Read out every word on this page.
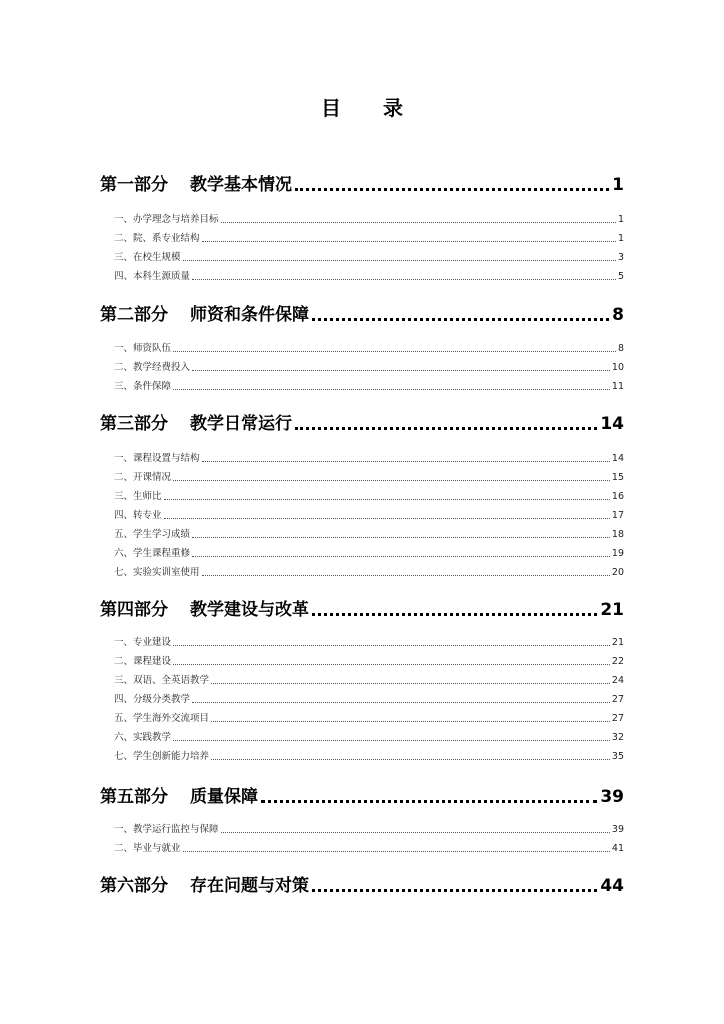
目 录
第一部分 教学基本情况	1
一、办学理念与培养目标	1
二、院、系专业结构	1
三、在校生规模	3
四、本科生源质量	5
第二部分 师资和条件保障	8
一、师资队伍	8
二、教学经费投入	10
三、条件保障	11
第三部分 教学日常运行	14
一、课程设置与结构	14
二、开课情况	15
三、生师比	16
四、转专业	17
五、学生学习成绩	18
六、学生课程重修	19
七、实验实训室使用	20
第四部分 教学建设与改革	21
一、专业建设	21
二、课程建设	22
三、双语、全英语教学	24
四、分级分类教学	27
五、学生海外交流项目	27
六、实践教学	32
七、学生创新能力培养	35
第五部分 质量保障	39
一、教学运行监控与保障	39
二、毕业与就业	41
第六部分 存在问题与对策	44
